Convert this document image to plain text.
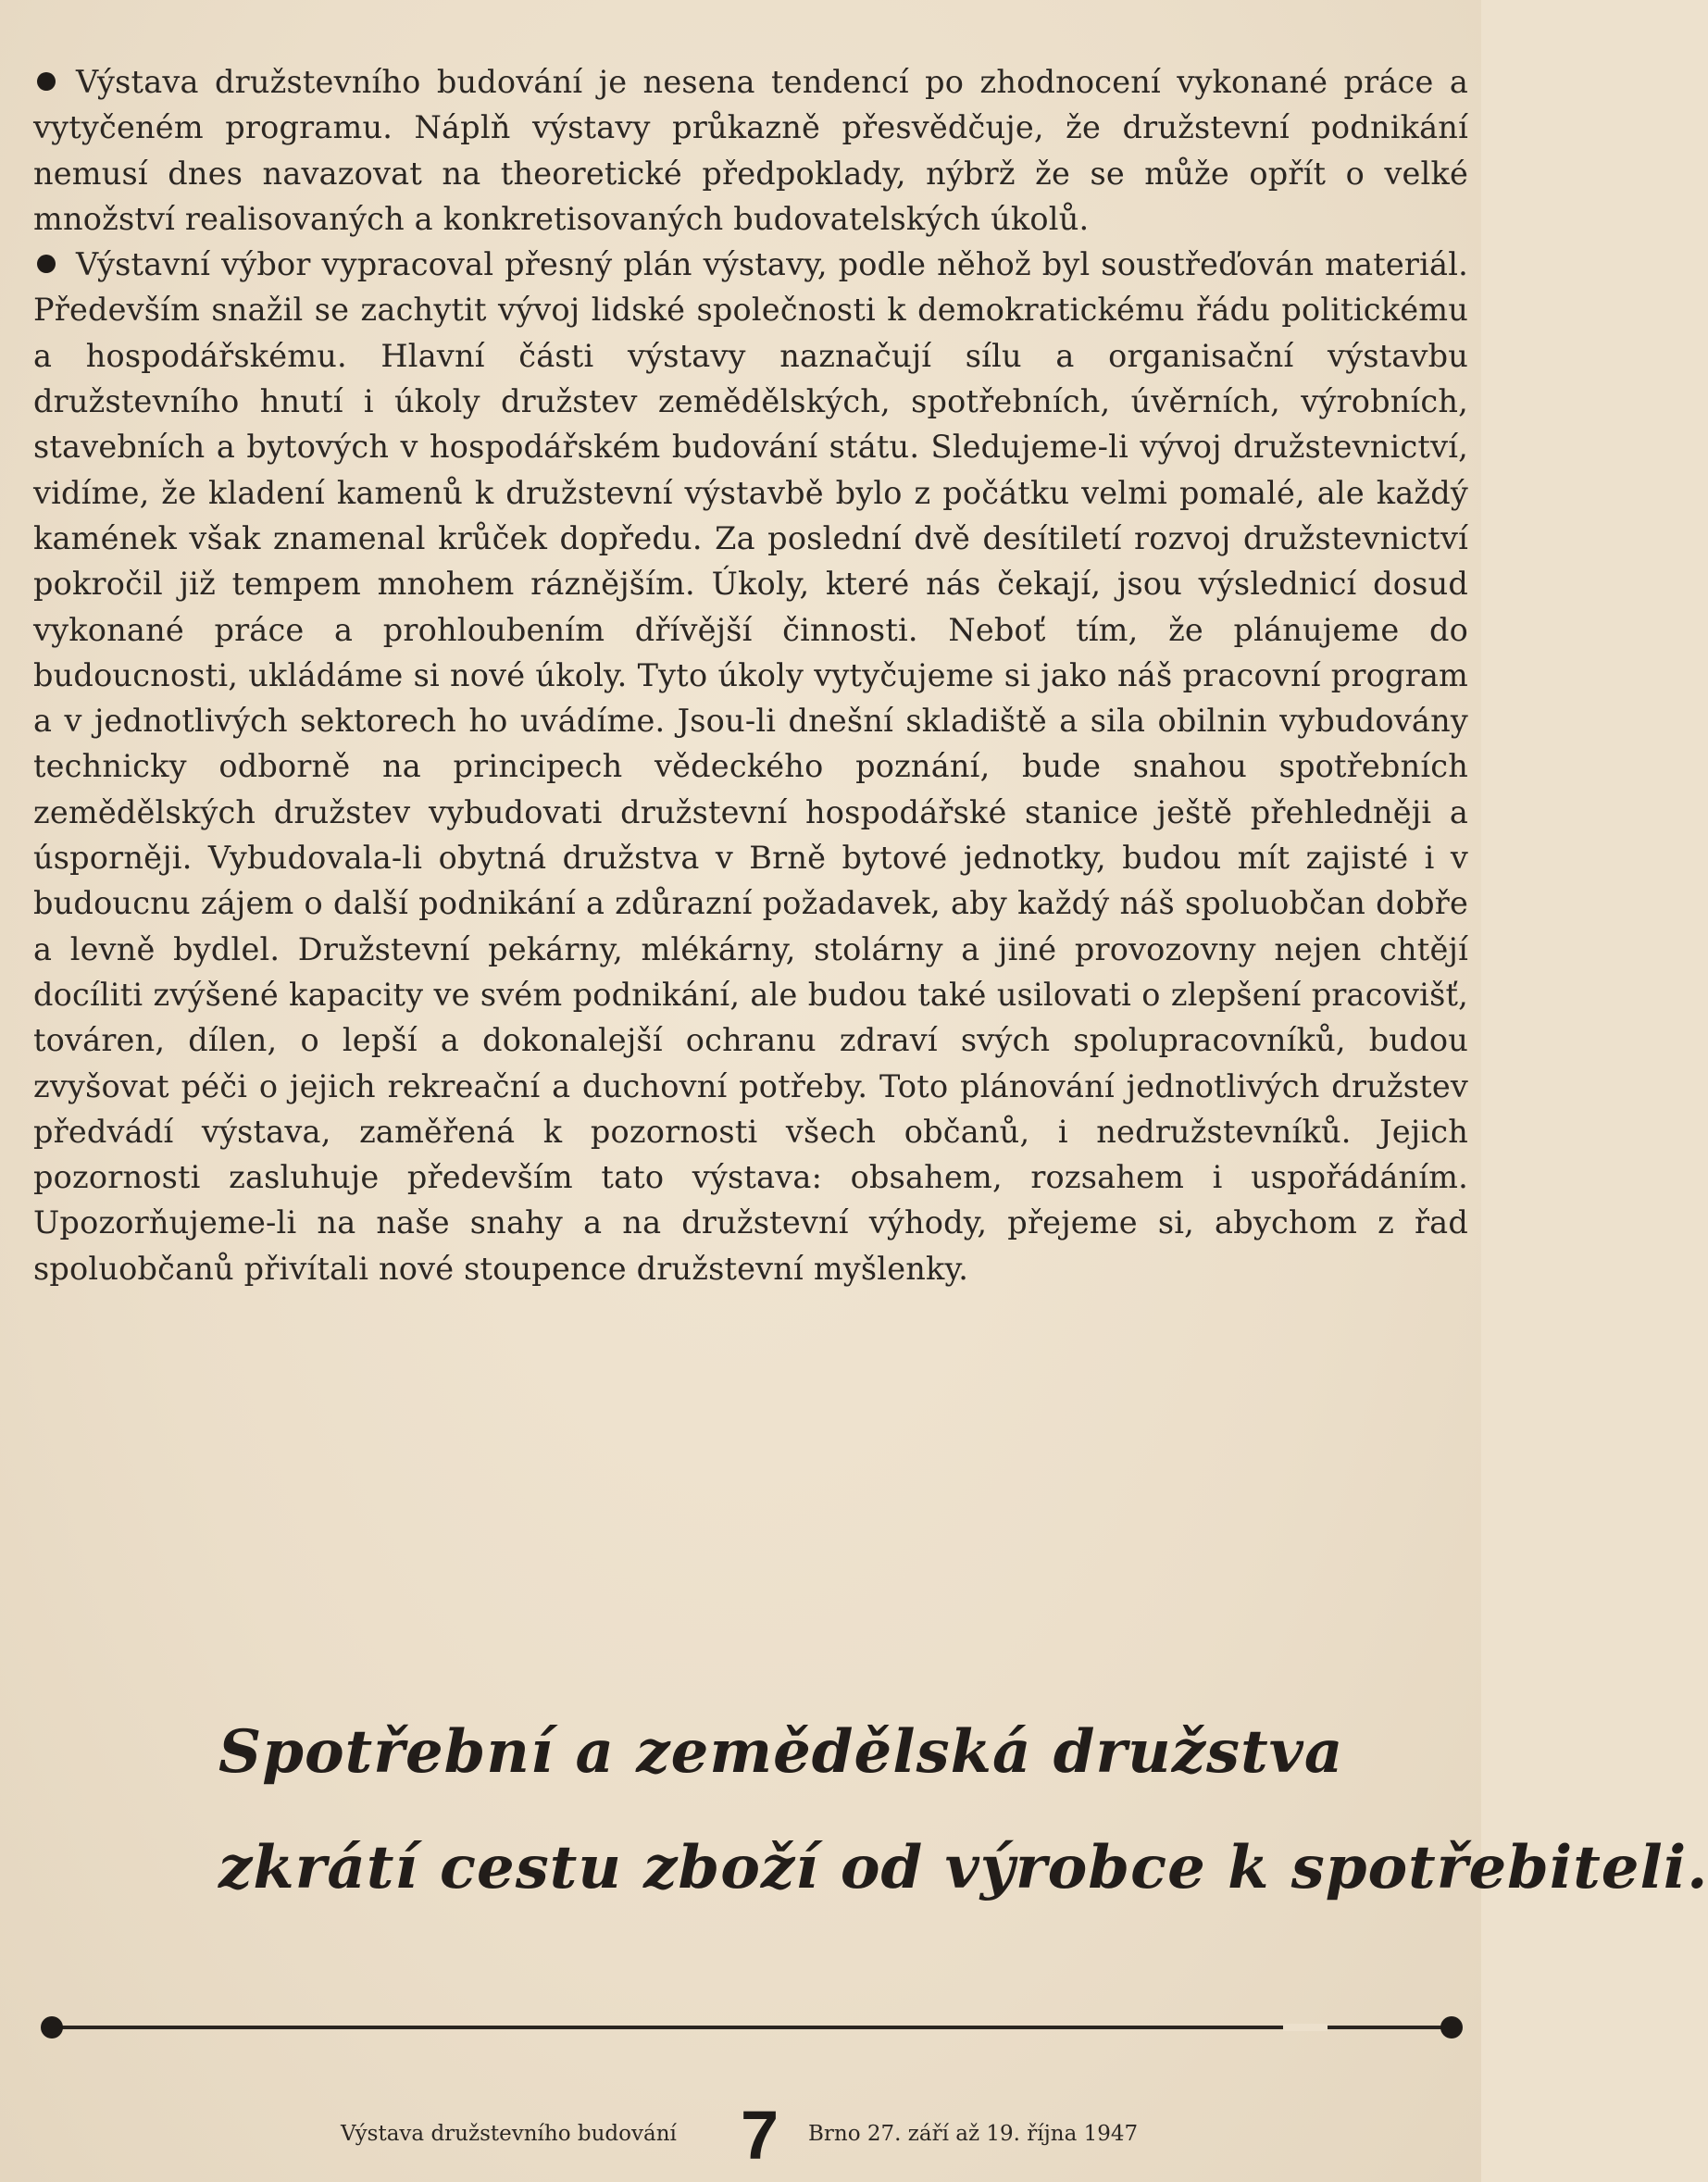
Výstava družstevního budování je nesena tendencí po zhodnocení vykonané práce a vytyčeném programu. Náplň výstavy průkazně přesvědčuje, že družstevní podnikání nemusí dnes navazovat na theoretické předpoklady, nýbrž že se může opřít o velké množství realisovaných a konkretisovaných budovatelských úkolů.

Výstavní výbor vypracoval přesný plán výstavy, podle něhož byl soustřeďován materiál. Především snažil se zachytit vývoj lidské společnosti k demokratickému řádu politickému a hospodářskému. Hlavní části výstavy naznačují sílu a organisační výstavbu družstevního hnutí i úkoly družstev zemědělských, spotřebních, úvěrních, výrobních, stavebních a bytových v hospodářském budování státu. Sledujeme-li vývoj družstevnictví, vidíme, že kladení kamenů k družstevní výstavbě bylo z počátku velmi pomalé, ale každý kamének však znamenal krůček dopředu. Za poslední dvě desítiletí rozvoj družstevnictví pokročil již tempem mnohem ráznějším. Úkoly, které nás čekají, jsou výslednicí dosud vykonané práce a prohloubením dřívější činnosti. Neboť tím, že plánujeme do budoucnosti, ukládáme si nové úkoly. Tyto úkoly vytyčujeme si jako náš pracovní program a v jednotlivých sektorech ho uvádíme. Jsou-li dnešní skladiště a sila obilnin vybudovány technicky odborně na principech vědeckého poznání, bude snahou spotřebních zemědělských družstev vybudovati družstevní hospodářské stanice ještě přehledněji a úsporněji. Vybudovala-li obytná družstva v Brně bytové jednotky, budou mít zajisté i v budoucnu zájem o další podnikání a zdůrazní požadavek, aby každý náš spoluobčan dobře a levně bydlel. Družstevní pekárny, mlékárny, stolárny a jiné provozovny nejen chtějí docíliti zvýšené kapacity ve svém podnikání, ale budou také usilovati o zlepšení pracovišť, továren, dílen, o lepší a dokonalejší ochranu zdraví svých spolupracovníků, budou zvyšovat péči o jejich rekreační a duchovní potřeby. Toto plánování jednotlivých družstev předvádí výstava, zaměřená k pozornosti všech občanů, i nedružstevníků. Jejich pozornosti zasluhuje především tato výstava: obsahem, rozsahem i uspořádáním. Upozorňujeme-li na naše snahy a na družstevní výhody, přejeme si, abychom z řad spoluobčanů přivítali nové stoupence družstevní myšlenky.

Spotřební a zemědělská družstva
zkrátí cestu zboží od výrobce k spotřebiteli.
Výstava družstevního budování 7 Brno 27. září až 19. října 1947
